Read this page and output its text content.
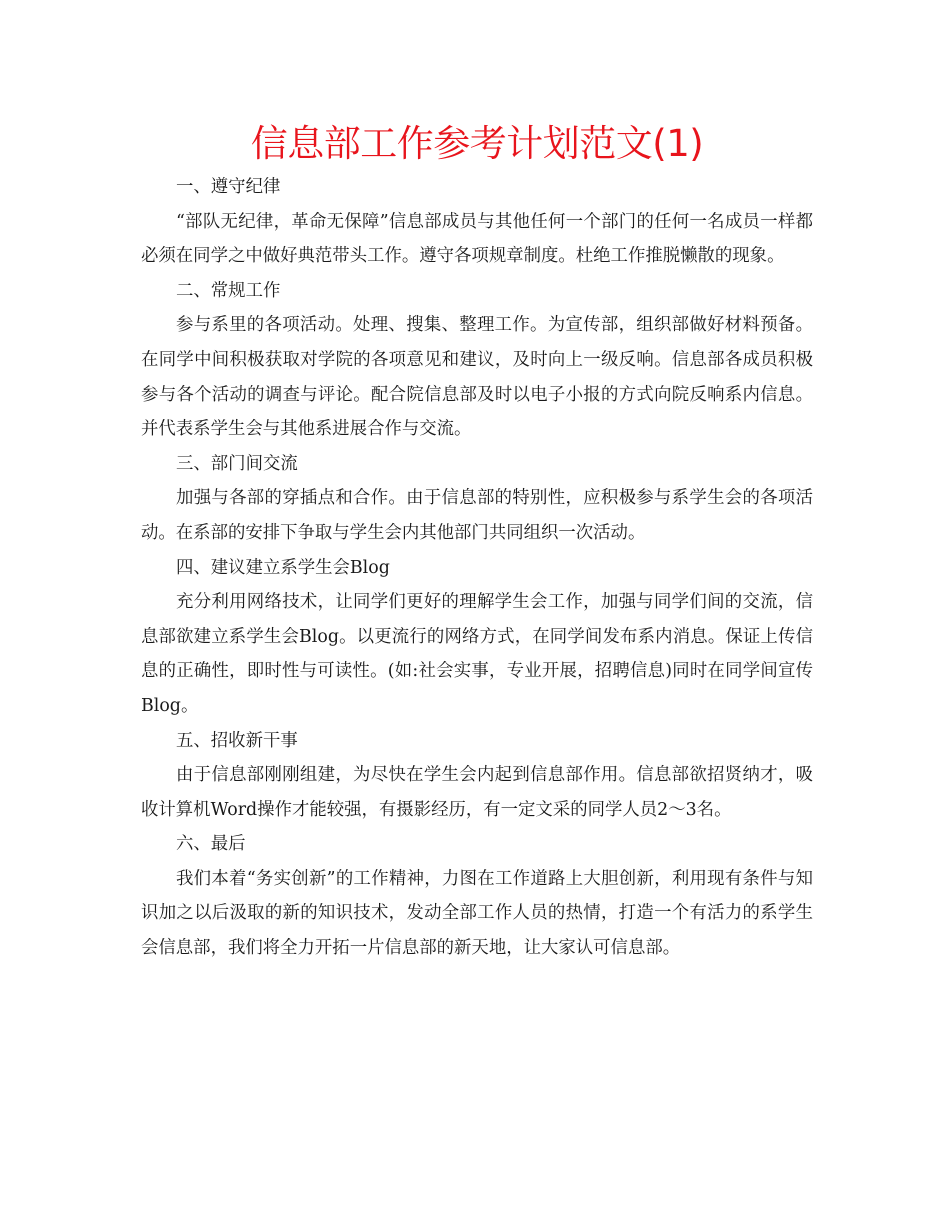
信息部工作参考计划范文(1)

一、遵守纪律

“部队无纪律，革命无保障”信息部成员与其他任何一个部门的任何一名成员一样都必须在同学之中做好典范带头工作。遵守各项规章制度。杜绝工作推脱懒散的现象。

二、常规工作

参与系里的各项活动。处理、搜集、整理工作。为宣传部，组织部做好材料预备。在同学中间积极获取对学院的各项意见和建议，及时向上一级反响。信息部各成员积极参与各个活动的调查与评论。配合院信息部及时以电子小报的方式向院反响系内信息。并代表系学生会与其他系进展合作与交流。

三、部门间交流

加强与各部的穿插点和合作。由于信息部的特别性，应积极参与系学生会的各项活动。在系部的安排下争取与学生会内其他部门共同组织一次活动。

四、建议建立系学生会Blog

充分利用网络技术，让同学们更好的理解学生会工作，加强与同学们间的交流，信息部欲建立系学生会Blog。以更流行的网络方式，在同学间发布系内消息。保证上传信息的正确性，即时性与可读性。(如:社会实事，专业开展，招聘信息)同时在同学间宣传Blog。

五、招收新干事

由于信息部刚刚组建，为尽快在学生会内起到信息部作用。信息部欲招贤纳才，吸收计算机Word操作才能较强，有摄影经历，有一定文采的同学人员2～3名。

六、最后

我们本着“务实创新”的工作精神，力图在工作道路上大胆创新，利用现有条件与知识加之以后汲取的新的知识技术，发动全部工作人员的热情，打造一个有活力的系学生会信息部，我们将全力开拓一片信息部的新天地，让大家认可信息部。
